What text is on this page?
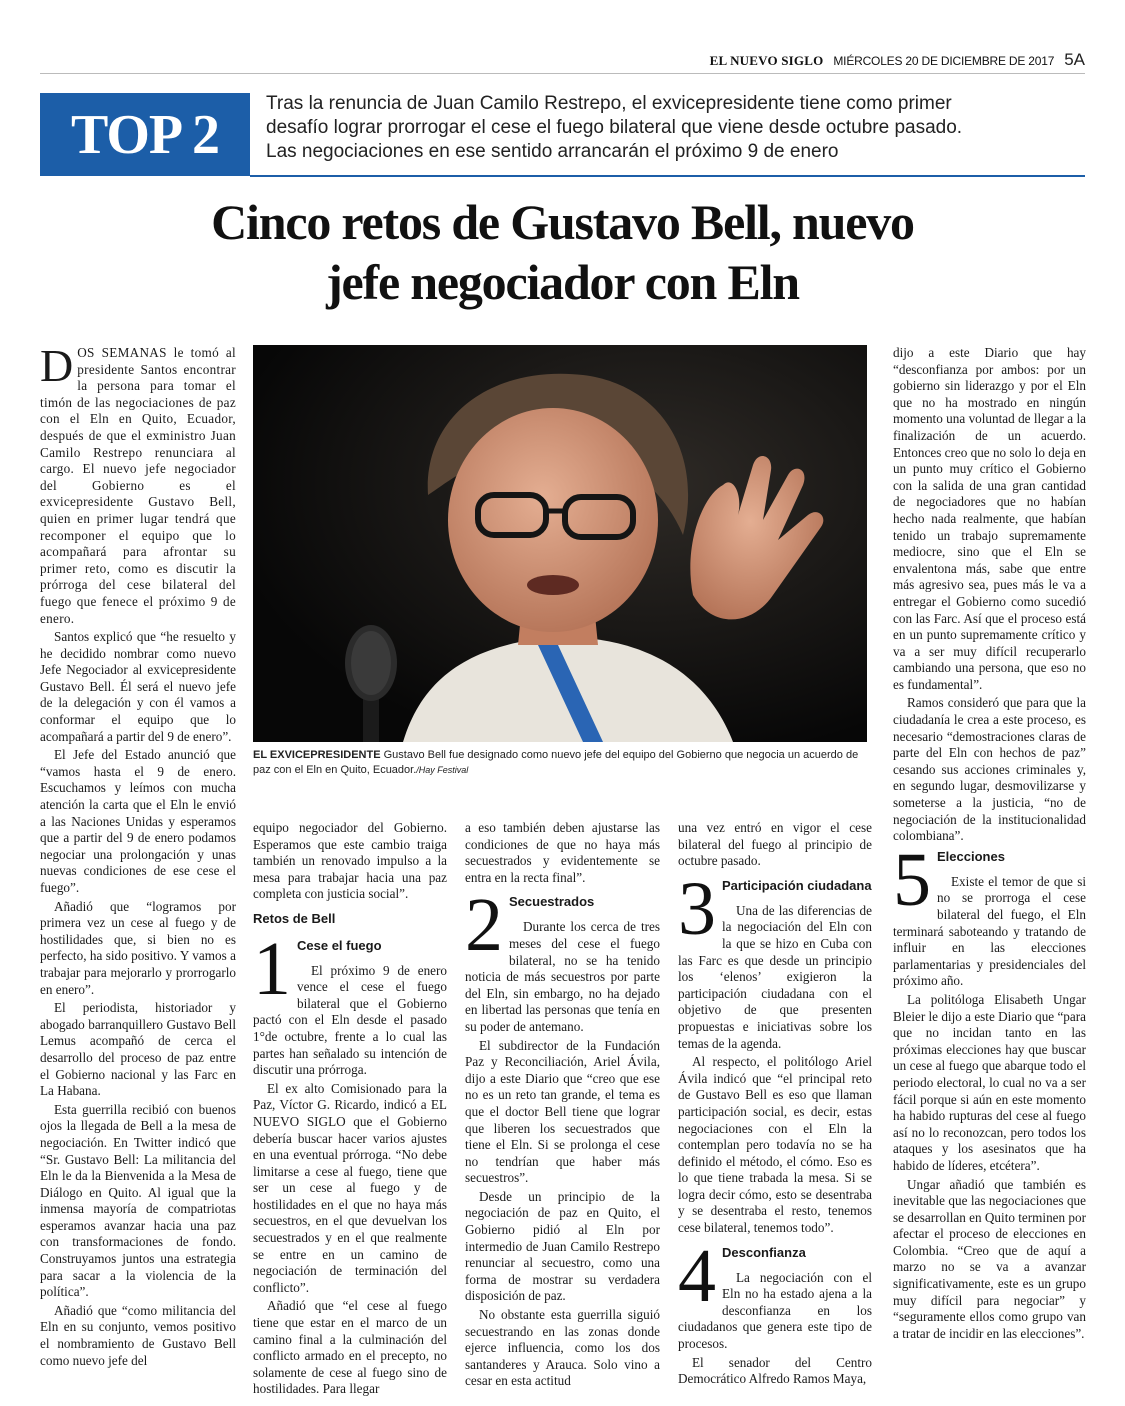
EL NUEVO SIGLO MIÉRCOLES 20 DE DICIEMBRE DE 2017 5A
TOP 2 Tras la renuncia de Juan Camilo Restrepo, el exvicepresidente tiene como primer
desafío lograr prorrogar el cese el fuego bilateral que viene desde octubre pasado.
Las negociaciones en ese sentido arrancarán el próximo 9 de enero
Cinco retos de Gustavo Bell, nuevo
jefe negociador con Eln

DOS SEMANAS le tomó al presidente Santos encontrar la persona para tomar el timón de las negociaciones de paz con el Eln en Quito, Ecuador, después de que el exministro Juan Camilo Restrepo renunciara al cargo. El nuevo jefe negociador del Gobierno es el exvicepresidente Gustavo Bell, quien en primer lugar tendrá que recomponer el equipo que lo acompañará para afrontar su primer reto, como es discutir la prórroga del cese bilateral del fuego que fenece el próximo 9 de enero.

Santos explicó que “he resuelto y he decidido nombrar como nuevo Jefe Negociador al exvicepresidente Gustavo Bell. Él será el nuevo jefe de la delegación y con él vamos a conformar el equipo que lo acompañará a partir del 9 de enero”.

El Jefe del Estado anunció que “vamos hasta el 9 de enero. Escuchamos y leímos con mucha atención la carta que el Eln le envió a las Naciones Unidas y esperamos que a partir del 9 de enero podamos negociar una prolongación y unas nuevas condiciones de ese cese el fuego”.

Añadió que “logramos por primera vez un cese al fuego y de hostilidades que, si bien no es perfecto, ha sido positivo. Y vamos a trabajar para mejorarlo y prorrogarlo en enero”.

El periodista, historiador y abogado barranquillero Gustavo Bell Lemus acompañó de cerca el desarrollo del proceso de paz entre el Gobierno nacional y las Farc en La Habana.

Esta guerrilla recibió con buenos ojos la llegada de Bell a la mesa de negociación. En Twitter indicó que “Sr. Gustavo Bell: La militancia del Eln le da la Bienvenida a la Mesa de Diálogo en Quito. Al igual que la inmensa mayoría de compatriotas esperamos avanzar hacia una paz con transformaciones de fondo. Construyamos juntos una estrategia para sacar a la violencia de la política”.

Añadió que “como militancia del Eln en su conjunto, vemos positivo el nombramiento de Gustavo Bell como nuevo jefe del

EL EXVICEPRESIDENTE Gustavo Bell fue designado como nuevo jefe del equipo del Gobierno que negocia un acuerdo de paz con el Eln en Quito, Ecuador./Hay Festival

equipo negociador del Gobierno. Esperamos que este cambio traiga también un renovado impulso a la mesa para trabajar hacia una paz completa con justicia social”.

Retos de Bell
1 Cese el fuego

El próximo 9 de enero vence el cese el fuego bilateral que el Gobierno pactó con el Eln desde el pasado 1°de octubre, frente a lo cual las partes han señalado su intención de discutir una prórroga.

El ex alto Comisionado para la Paz, Víctor G. Ricardo, indicó a EL NUEVO SIGLO que el Gobierno debería buscar hacer varios ajustes en una eventual prórroga. “No debe limitarse a cese al fuego, tiene que ser un cese al fuego y de hostilidades en el que no haya más secuestros, en el que devuelvan los secuestrados y en el que realmente se entre en un camino de negociación de terminación del conflicto”.

Añadió que “el cese al fuego tiene que estar en el marco de un camino final a la culminación del conflicto armado en el precepto, no solamente de cese al fuego sino de hostilidades. Para llegar

a eso también deben ajustarse las condiciones de que no haya más secuestrados y evidentemente se entra en la recta final”.

2 Secuestrados

Durante los cerca de tres meses del cese el fuego bilateral, no se ha tenido noticia de más secuestros por parte del Eln, sin embargo, no ha dejado en libertad las personas que tenía en su poder de antemano.

El subdirector de la Fundación Paz y Reconciliación, Ariel Ávila, dijo a este Diario que “creo que ese no es un reto tan grande, el tema es que el doctor Bell tiene que lograr que liberen los secuestrados que tiene el Eln. Si se prolonga el cese no tendrían que haber más secuestros”.

Desde un principio de la negociación de paz en Quito, el Gobierno pidió al Eln por intermedio de Juan Camilo Restrepo renunciar al secuestro, como una forma de mostrar su verdadera disposición de paz.

No obstante esta guerrilla siguió secuestrando en las zonas donde ejerce influencia, como los dos santanderes y Arauca. Solo vino a cesar en esta actitud

una vez entró en vigor el cese bilateral del fuego al principio de octubre pasado.

3 Participación ciudadana

Una de las diferencias de la negociación del Eln con la que se hizo en Cuba con las Farc es que desde un principio los ‘elenos’ exigieron la participación ciudadana con el objetivo de que presenten propuestas e iniciativas sobre los temas de la agenda.

Al respecto, el politólogo Ariel Ávila indicó que “el principal reto de Gustavo Bell es eso que llaman participación social, es decir, estas negociaciones con el Eln la contemplan pero todavía no se ha definido el método, el cómo. Eso es lo que tiene trabada la mesa. Si se logra decir cómo, esto se desentraba y se desentraba el resto, tenemos cese bilateral, tenemos todo”.

4 Desconfianza

La negociación con el Eln no ha estado ajena a la desconfianza en los ciudadanos que genera este tipo de procesos.

El senador del Centro Democrático Alfredo Ramos Maya,

dijo a este Diario que hay “desconfianza por ambos: por un gobierno sin liderazgo y por el Eln que no ha mostrado en ningún momento una voluntad de llegar a la finalización de un acuerdo. Entonces creo que no solo lo deja en un punto muy crítico el Gobierno con la salida de una gran cantidad de negociadores que no habían hecho nada realmente, que habían tenido un trabajo supremamente mediocre, sino que el Eln se envalentona más, sabe que entre más agresivo sea, pues más le va a entregar el Gobierno como sucedió con las Farc. Así que el proceso está en un punto supremamente crítico y va a ser muy difícil recuperarlo cambiando una persona, que eso no es fundamental”.

Ramos consideró que para que la ciudadanía le crea a este proceso, es necesario “demostraciones claras de parte del Eln con hechos de paz” cesando sus acciones criminales y, en segundo lugar, desmovilizarse y someterse a la justicia, “no de negociación de la institucionalidad colombiana”.

5 Elecciones

Existe el temor de que si no se prorroga el cese bilateral del fuego, el Eln terminará saboteando y tratando de influir en las elecciones parlamentarias y presidenciales del próximo año.

La politóloga Elisabeth Ungar Bleier le dijo a este Diario que “para que no incidan tanto en las próximas elecciones hay que buscar un cese al fuego que abarque todo el periodo electoral, lo cual no va a ser fácil porque si aún en este momento ha habido rupturas del cese al fuego así no lo reconozcan, pero todos los ataques y los asesinatos que ha habido de líderes, etcétera”.

Ungar añadió que también es inevitable que las negociaciones que se desarrollan en Quito terminen por afectar el proceso de elecciones en Colombia. “Creo que de aquí a marzo no se va a avanzar significativamente, este es un grupo muy difícil para negociar” y “seguramente ellos como grupo van a tratar de incidir en las elecciones”.
